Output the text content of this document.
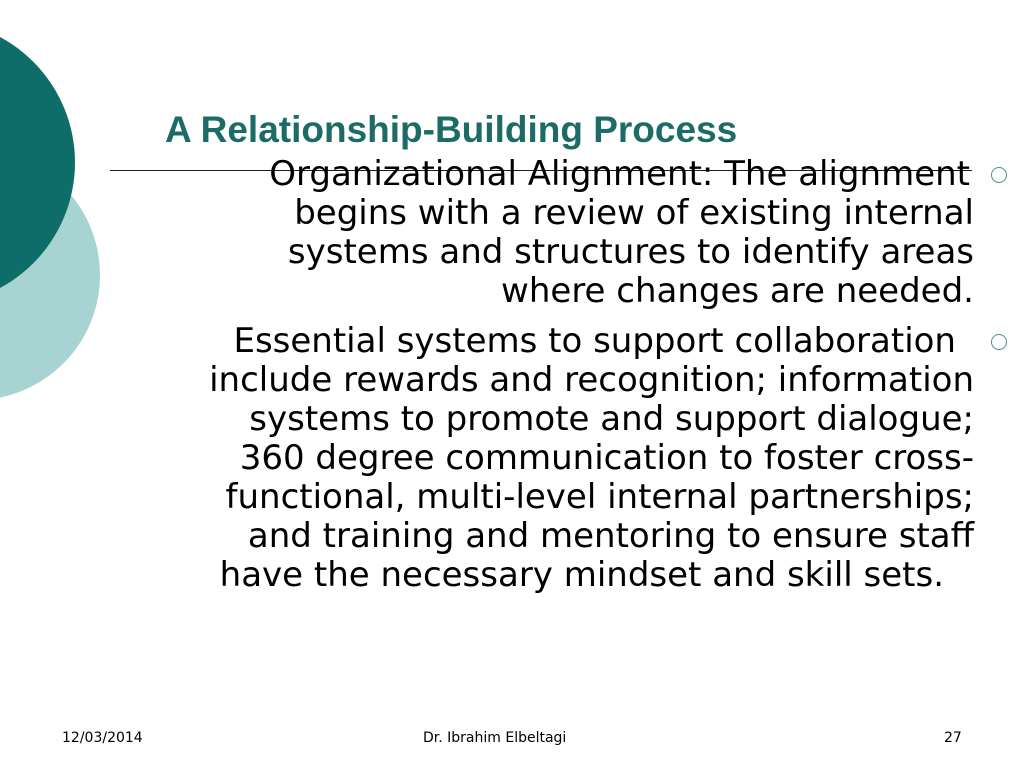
A Relationship-Building Process

Organizational Alignment: The alignment

begins with a review of existing internal

systems and structures to identify areas

where changes are needed.

Essential systems to support collaboration

include rewards and recognition; information

systems to promote and support dialogue;

360 degree communication to foster cross-

functional, multi-level internal partnerships;

and training and mentoring to ensure staff

have the necessary mindset and skill sets.

12/03/2014	Dr. Ibrahim Elbeltagi	27
